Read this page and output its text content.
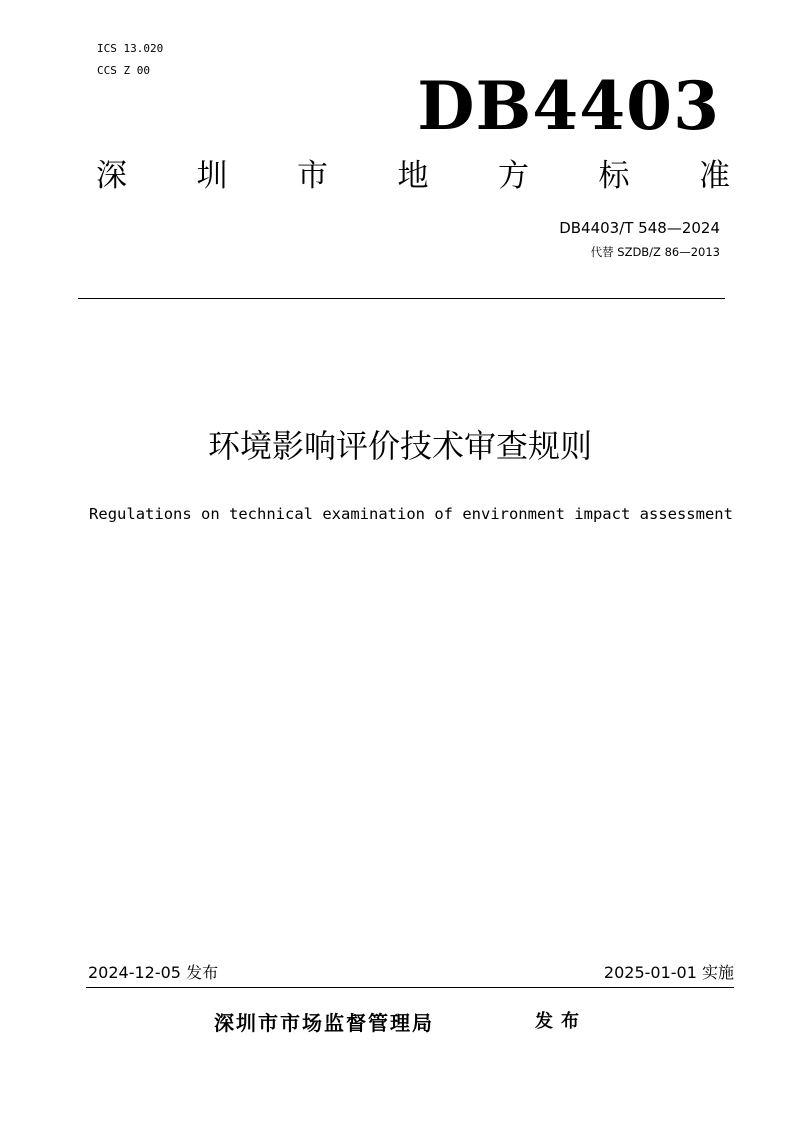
ICS 13.020
CCS Z 00	DB4403
深 圳 市 地 方 标 准
DB4403/T 548—2024
代替 SZDB/Z 86—2013
环境影响评价技术审查规则
Regulations on technical examination of environment impact assessment
2024-12-05 发布	2025-01-01 实施
深圳市市场监督管理局	发布
